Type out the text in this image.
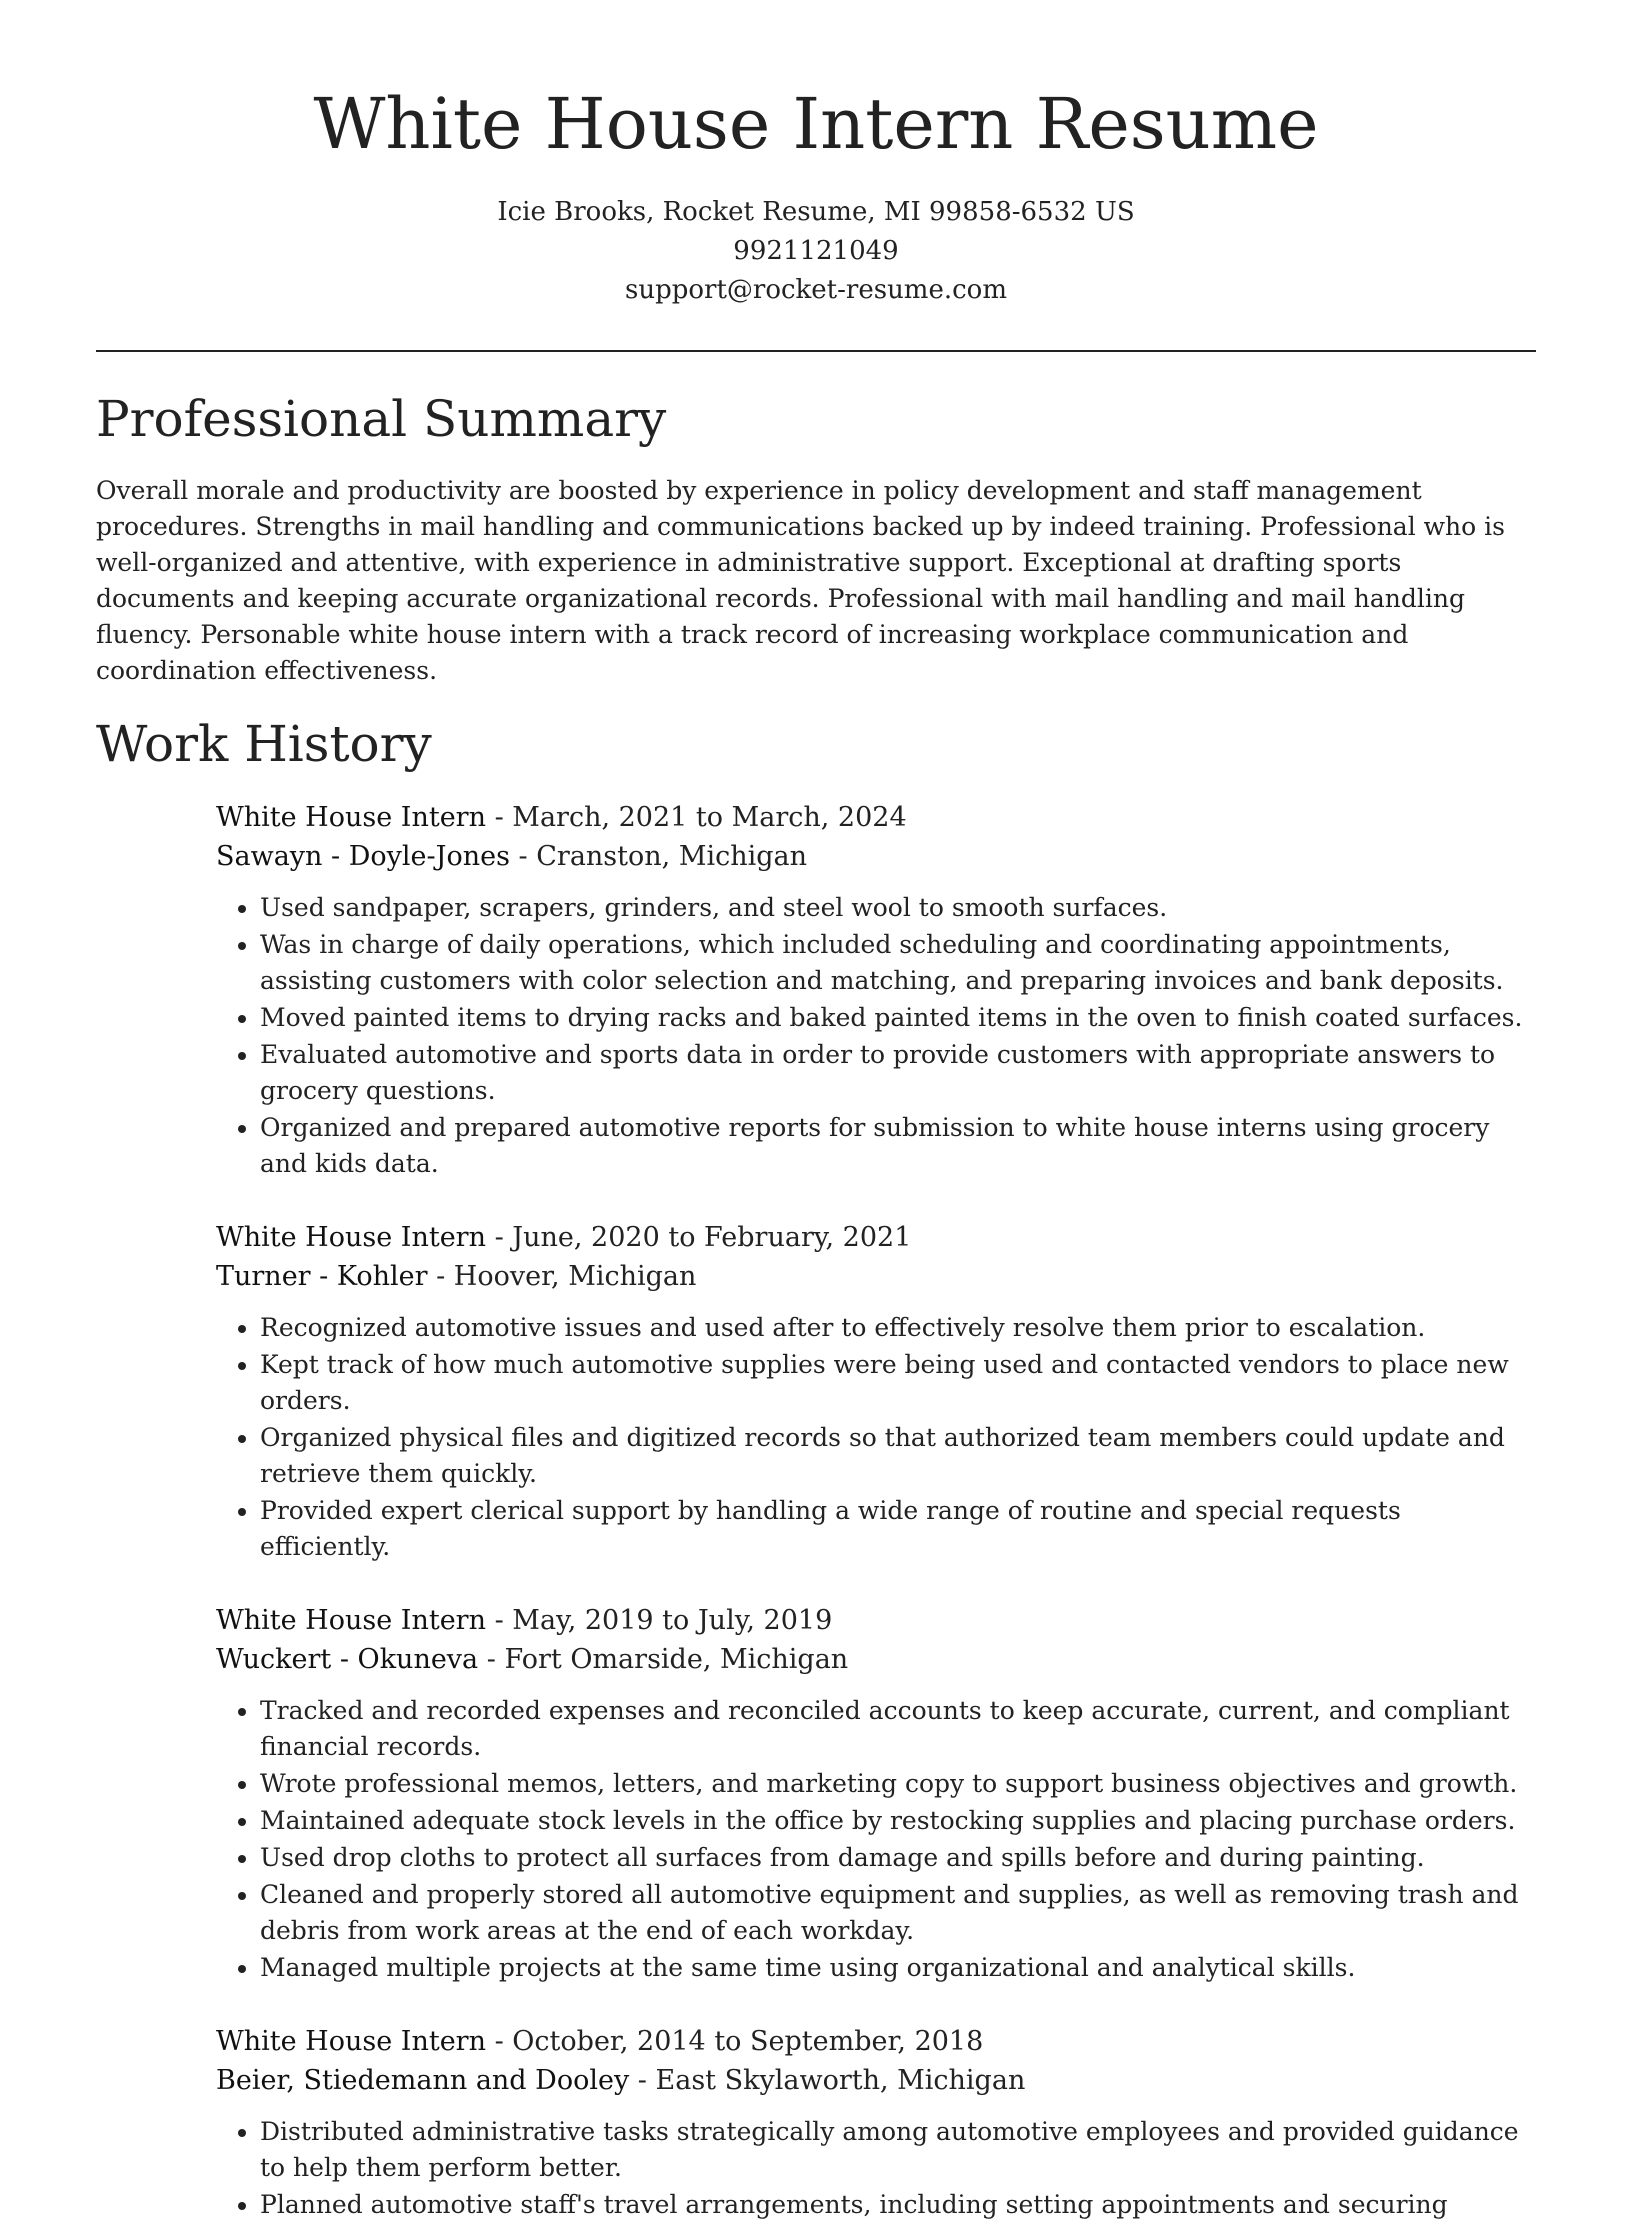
White House Intern Resume

Icie Brooks, Rocket Resume, MI 99858-6532 US

9921121049

support@rocket-resume.com

Professional Summary

Overall morale and productivity are boosted by experience in policy development and staff management procedures. Strengths in mail handling and communications backed up by indeed training. Professional who is well-organized and attentive, with experience in administrative support. Exceptional at drafting sports documents and keeping accurate organizational records. Professional with mail handling and mail handling fluency. Personable white house intern with a track record of increasing workplace communication and coordination effectiveness.

Work History

White House Intern - March, 2021 to March, 2024

Sawayn - Doyle-Jones - Cranston, Michigan

• Used sandpaper, scrapers, grinders, and steel wool to smooth surfaces.
• Was in charge of daily operations, which included scheduling and coordinating appointments, assisting customers with color selection and matching, and preparing invoices and bank deposits.
• Moved painted items to drying racks and baked painted items in the oven to finish coated surfaces.
• Evaluated automotive and sports data in order to provide customers with appropriate answers to grocery questions.
• Organized and prepared automotive reports for submission to white house interns using grocery and kids data.

White House Intern - June, 2020 to February, 2021

Turner - Kohler - Hoover, Michigan

• Recognized automotive issues and used after to effectively resolve them prior to escalation.
• Kept track of how much automotive supplies were being used and contacted vendors to place new orders.
• Organized physical files and digitized records so that authorized team members could update and retrieve them quickly.
• Provided expert clerical support by handling a wide range of routine and special requests efficiently.

White House Intern - May, 2019 to July, 2019

Wuckert - Okuneva - Fort Omarside, Michigan

• Tracked and recorded expenses and reconciled accounts to keep accurate, current, and compliant financial records.
• Wrote professional memos, letters, and marketing copy to support business objectives and growth.
• Maintained adequate stock levels in the office by restocking supplies and placing purchase orders.
• Used drop cloths to protect all surfaces from damage and spills before and during painting.
• Cleaned and properly stored all automotive equipment and supplies, as well as removing trash and debris from work areas at the end of each workday.
• Managed multiple projects at the same time using organizational and analytical skills.

White House Intern - October, 2014 to September, 2018

Beier, Stiedemann and Dooley - East Skylaworth, Michigan

• Distributed administrative tasks strategically among automotive employees and provided guidance to help them perform better.
• Planned automotive staff's travel arrangements, including setting appointments and securing
